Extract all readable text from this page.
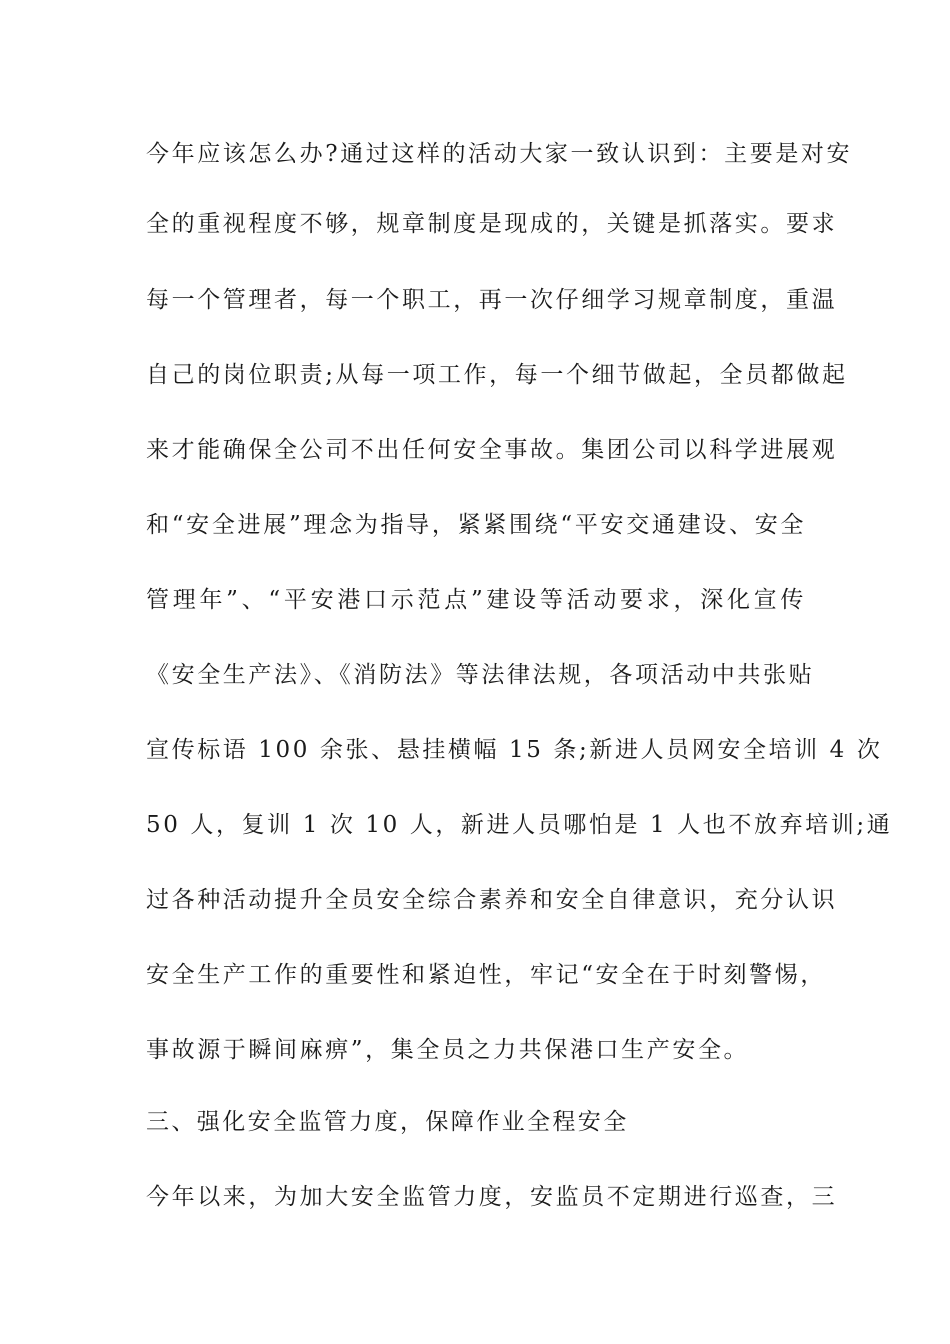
今年应该怎么办?通过这样的活动大家一致认识到：主要是对安
全的重视程度不够，规章制度是现成的，关键是抓落实。要求
每一个管理者，每一个职工，再一次仔细学习规章制度，重温
自己的岗位职责;从每一项工作，每一个细节做起，全员都做起
来才能确保全公司不出任何安全事故。集团公司以科学进展观
和“安全进展”理念为指导，紧紧围绕“平安交通建设、安全
管理年”、“平安港口示范点”建设等活动要求，深化宣传
《安全生产法》、《消防法》等法律法规，各项活动中共张贴
宣传标语 100 余张、悬挂横幅 15 条;新进人员网安全培训 4 次
50 人，复训 1 次 10 人，新进人员哪怕是 1 人也不放弃培训;通
过各种活动提升全员安全综合素养和安全自律意识，充分认识
安全生产工作的重要性和紧迫性，牢记“安全在于时刻警惕，
事故源于瞬间麻痹”，集全员之力共保港口生产安全。
三、强化安全监管力度，保障作业全程安全
今年以来，为加大安全监管力度，安监员不定期进行巡查，三
